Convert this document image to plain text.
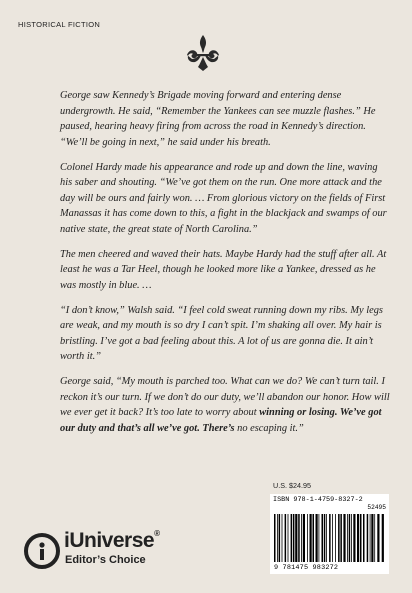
HISTORICAL FICTION

George saw Kennedy’s Brigade moving forward and entering dense undergrowth. He said, “Remember the Yankees can see muzzle flashes.” He paused, hearing heavy firing from across the road in Kennedy’s direction. “We’ll be going in next,” he said under his breath.

Colonel Hardy made his appearance and rode up and down the line, waving his saber and shouting. “We’ve got them on the run. One more attack and the day will be ours and fairly won. … From glorious victory on the fields of First Manassas it has come down to this, a fight in the blackjack and swamps of our native state, the great state of North Carolina.”

The men cheered and waved their hats. Maybe Hardy had the stuff after all. At least he was a Tar Heel, though he looked more like a Yankee, dressed as he was mostly in blue. …

“I don’t know,” Walsh said. “I feel cold sweat running down my ribs. My legs are weak, and my mouth is so dry I can’t spit. I’m shaking all over. My hair is bristling. I’ve got a bad feeling about this. A lot of us are gonna die. It ain’t worth it.”

George said, “My mouth is parched too. What can we do? We can’t turn tail. I reckon it’s our turn. If we don’t do our duty, we’ll abandon our honor. How will we ever get it back? It’s too late to worry about winning or losing. We’ve got our duty and that’s all we’ve got. There’s no escaping it.”

U.S. $24.95
ISBN 978-1-4759-8327-2
52495
9 781475 983272
iUniverse®
Editor’s Choice
